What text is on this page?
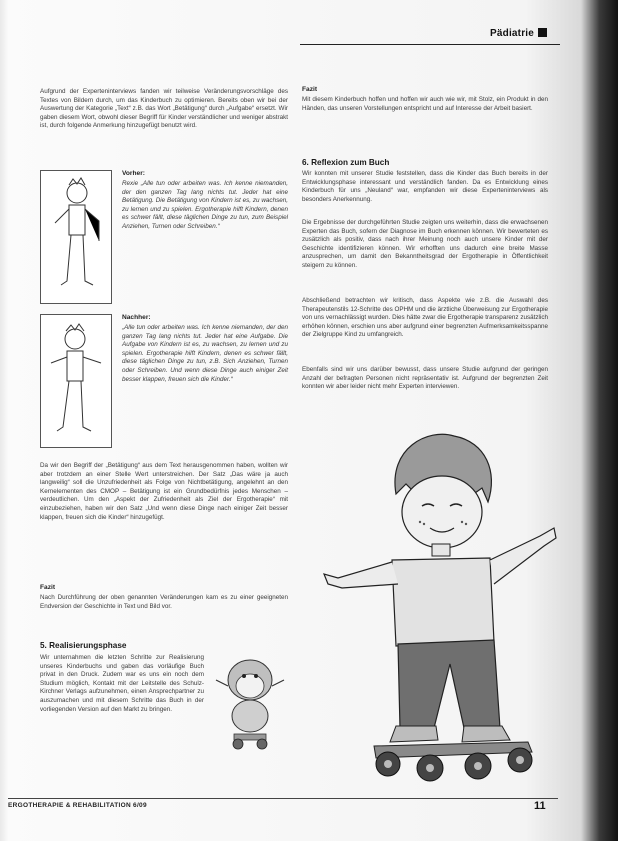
Pädiatrie
Aufgrund der Experteninterviews fanden wir teilweise Veränderungsvorschläge des Textes von Bildern durch, um das Kinderbuch zu optimieren. Bereits oben wir bei der Auswertung der Kategorie „Text“ z.B. das Wort „Betätigung“ durch „Aufgabe“ ersetzt. Wir gaben diesem Wort, obwohl dieser Begriff für Kinder verständlicher und weniger abstrakt ist, durch folgende Anmerkung hinzugefügt benutzt wird.
Vorher:
Rexie „Alle tun oder arbeiten was. Ich kenne niemanden, der den ganzen Tag lang nichts tut. Jeder hat eine Betätigung. Die Betätigung von Kindern ist es, zu wachsen, zu lernen und zu spielen. Ergotherapie hilft Kindern, denen es schwer fällt, diese täglichen Dinge zu tun, zum Beispiel Anziehen, Turnen oder Schreiben.“
Nachher:
„Alle tun oder arbeiten was. Ich kenne niemanden, der den ganzen Tag lang nichts tut. Jeder hat eine Aufgabe. Die Aufgabe von Kindern ist es, zu wachsen, zu lernen und zu spielen. Ergotherapie hilft Kindern, denen es schwer fällt, diese täglichen Dinge zu tun, z.B. Sich Anziehen, Turnen oder Schreiben. Und wenn diese Dinge auch einiger Zeit besser klappen, freuen sich die Kinder.“
Da wir den Begriff der „Betätigung“ aus dem Text herausgenommen haben, wollten wir aber trotzdem an einer Stelle Wert unterstreichen. Der Satz „Das wäre ja auch langweilig“ soll die Unzufriedenheit als Folge von Nichtbetätigung, angelehnt an den Kernelementen des CMOP – Betätigung ist ein Grundbedürfnis jedes Menschen – verdeutlichen. Um den „Aspekt der Zufriedenheit als Ziel der Ergotherapie“ mit einzubeziehen, haben wir den Satz „Und wenn diese Dinge nach einiger Zeit besser klappen, freuen sich die Kinder“ hinzugefügt.
Fazit
Nach Durchführung der oben genannten Veränderungen kam es zu einer geeigneten Endversion der Geschichte in Text und Bild vor.
5. Realisierungsphase
Wir unternahmen die letzten Schritte zur Realisierung unseres Kinderbuchs und gaben das vorläufige Buch privat in den Druck. Zudem war es uns ein noch dem Studium möglich, Kontakt mit der Leitstelle des Schulz-Kirchner Verlags aufzunehmen, einen Ansprechpartner zu auszumachen und mit diesem Schritte das Buch in der vorliegenden Version auf den Markt zu bringen.
Fazit
Mit diesem Kinderbuch hoffen und hoffen wir auch wie wir, mit Stolz, ein Produkt in den Händen, das unseren Vorstellungen entspricht und auf Interesse der Arbeit basiert.
6. Reflexion zum Buch
Wir konnten mit unserer Studie feststellen, dass die Kinder das Buch bereits in der Entwicklungsphase interessant und verständlich fanden. Da es Entwicklung eines Kinderbuch für uns „Neuland“ war, empfanden wir diese Experteninterviews als besonders Anerkennung.
Die Ergebnisse der durchgeführten Studie zeigten uns weiterhin, dass die erwachsenen Experten das Buch, sofern der Diagnose im Buch erkennen können. Wir bewerteten es zusätzlich als positiv, dass nach ihrer Meinung noch auch unsere Kinder mit der Geschichte identifizieren können. Wir erhofften uns dadurch eine breite Masse anzusprechen, um damit den Bekanntheitsgrad der Ergotherapie in Öffentlichkeit steigern zu können.
Abschließend betrachten wir kritisch, dass Aspekte wie z.B. die Auswahl des Therapeutenstils 12-Schritte des OPHM und die ärztliche Überweisung zur Ergotherapie von uns vernachlässigt wurden. Dies hätte zwar die Ergotherapie transparenz zusätzlich erhöhen können, erschien uns aber aufgrund einer begrenzten Aufmerksamkeitsspanne der Zielgruppe Kind zu umfangreich.
Ebenfalls sind wir uns darüber bewusst, dass unsere Studie aufgrund der geringen Anzahl der befragten Personen nicht repräsentativ ist. Aufgrund der begrenzten Zeit konnten wir aber leider nicht mehr Experten interviewen.
ERGOTHERAPIE & REHABILITATION 6/09	11
